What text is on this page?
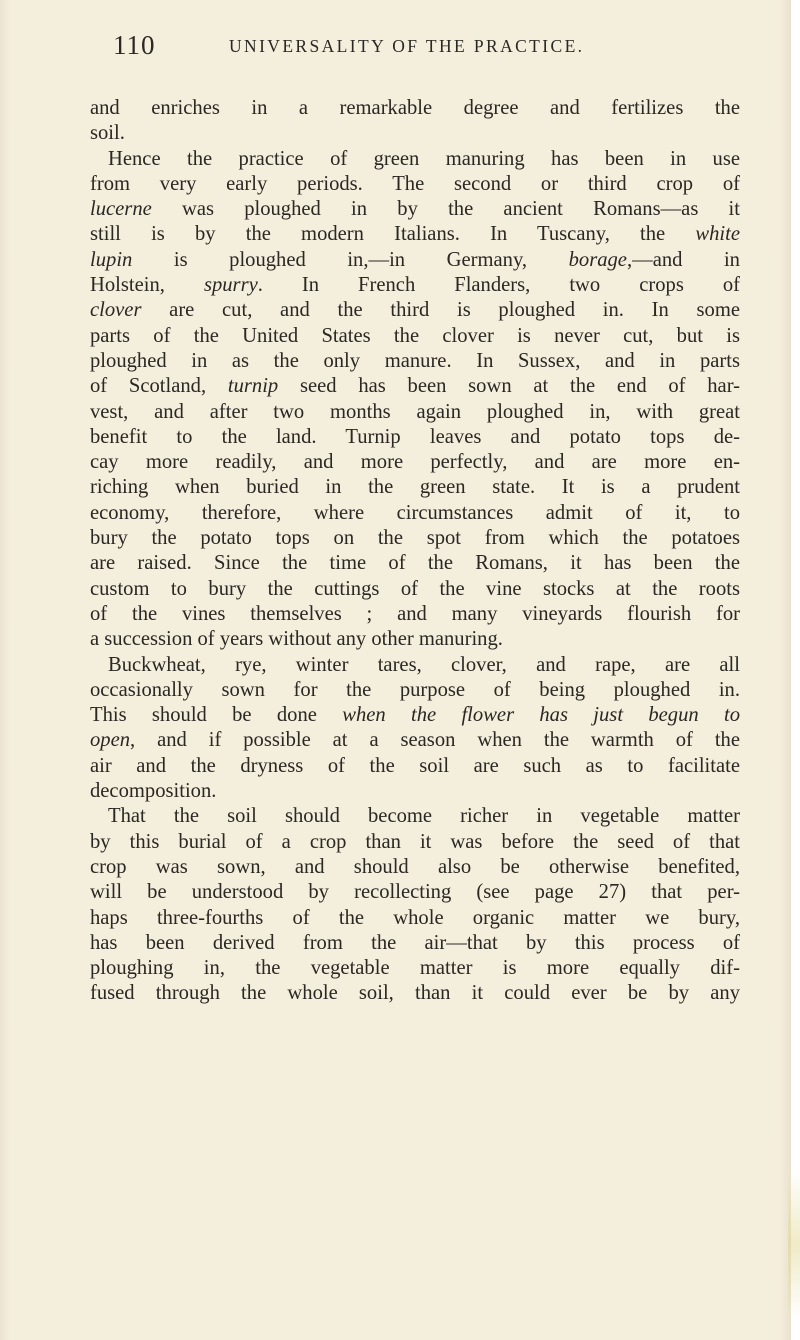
110	UNIVERSALITY OF THE PRACTICE.
and enriches in a remarkable degree and fertilizes the
soil.
Hence the practice of green manuring has been in use
from very early periods. The second or third crop of
lucerne was ploughed in by the ancient Romans—as it
still is by the modern Italians. In Tuscany, the white
lupin is ploughed in,—in Germany, borage,—and in
Holstein, spurry. In French Flanders, two crops of
clover are cut, and the third is ploughed in. In some
parts of the United States the clover is never cut, but is
ploughed in as the only manure. In Sussex, and in parts
of Scotland, turnip seed has been sown at the end of har-
vest, and after two months again ploughed in, with great
benefit to the land. Turnip leaves and potato tops de-
cay more readily, and more perfectly, and are more en-
riching when buried in the green state. It is a prudent
economy, therefore, where circumstances admit of it, to
bury the potato tops on the spot from which the potatoes
are raised. Since the time of the Romans, it has been the
custom to bury the cuttings of the vine stocks at the roots
of the vines themselves ; and many vineyards flourish for
a succession of years without any other manuring.
Buckwheat, rye, winter tares, clover, and rape, are all
occasionally sown for the purpose of being ploughed in.
This should be done when the flower has just begun to
open, and if possible at a season when the warmth of the
air and the dryness of the soil are such as to facilitate
decomposition.
That the soil should become richer in vegetable matter
by this burial of a crop than it was before the seed of that
crop was sown, and should also be otherwise benefited,
will be understood by recollecting (see page 27) that per-
haps three-fourths of the whole organic matter we bury,
has been derived from the air—that by this process of
ploughing in, the vegetable matter is more equally dif-
fused through the whole soil, than it could ever be by any
